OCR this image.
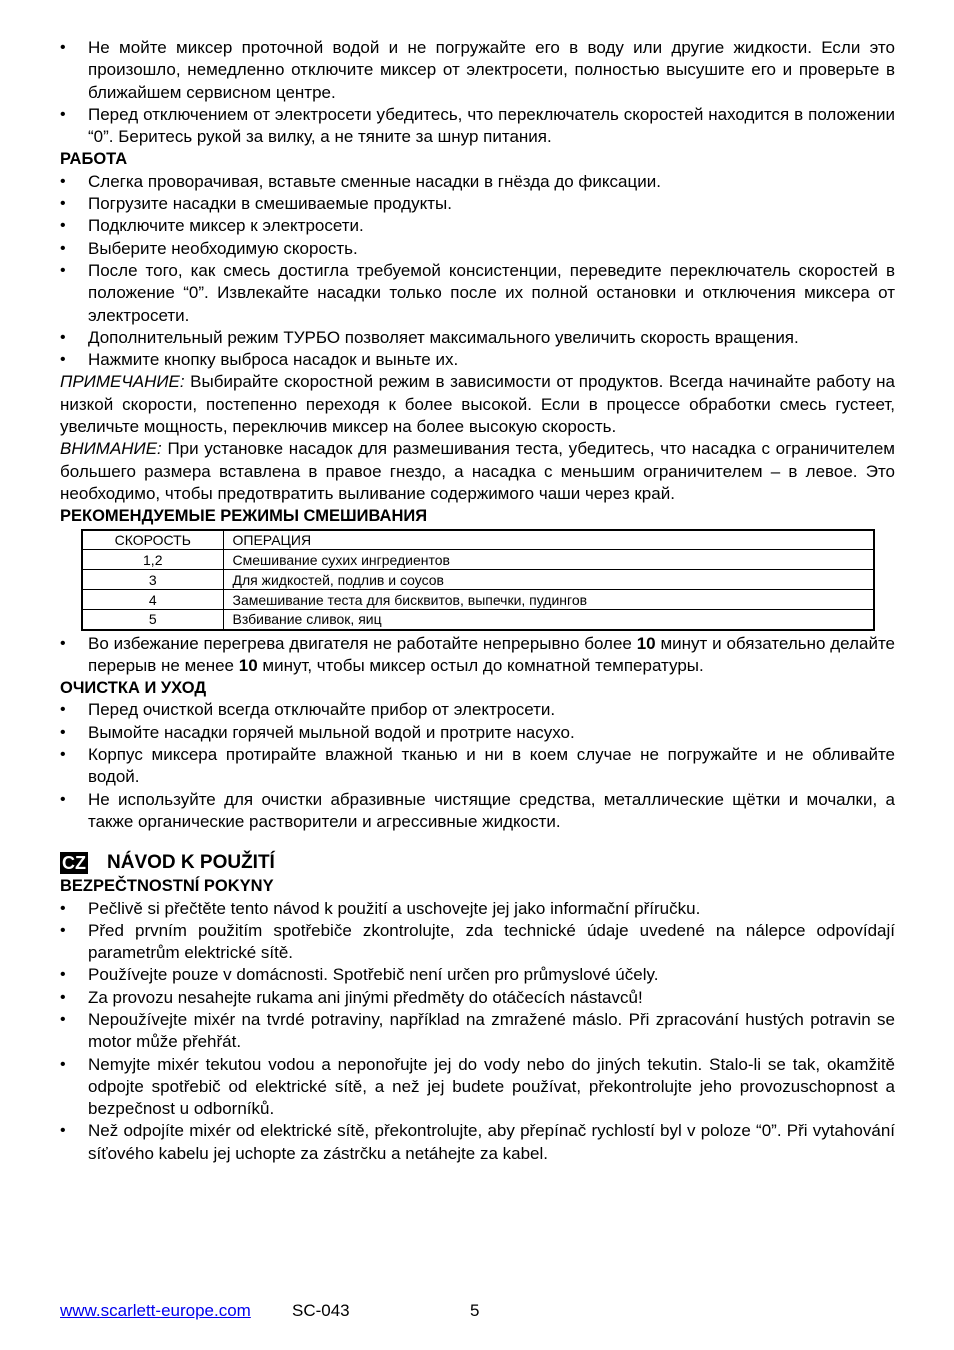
• Не мойте миксер проточной водой и не погружайте его в воду или другие жидкости. Если это произошло, немедленно отключите миксер от электросети, полностью высушите его и проверьте в ближайшем сервисном центре.
• Перед отключением от электросети убедитесь, что переключатель скоростей находится в положении “0”. Беритесь рукой за вилку, а не тяните за шнур питания.
РАБОТА
• Слегка проворачивая, вставьте сменные насадки в гнёзда до фиксации.
• Погрузите насадки в смешиваемые продукты.
• Подключите миксер к электросети.
• Выберите необходимую скорость.
• После того, как смесь достигла требуемой консистенции, переведите переключатель скоростей в положение “0”. Извлекайте насадки только после их полной остановки и отключения миксера от электросети.
• Дополнительный режим ТУРБО позволяет максимального увеличить скорость вращения.
• Нажмите кнопку выброса насадок и выньте их.

ПРИМЕЧАНИЕ: Выбирайте скоростной режим в зависимости от продуктов. Всегда начинайте работу на низкой скорости, постепенно переходя к более высокой. Если в процессе обработки смесь густеет, увеличьте мощность, переключив миксер на более высокую скорость.

ВНИМАНИЕ: При установке насадок для размешивания теста, убедитесь, что насадка с ограничителем большего размера вставлена в правое гнездо, а насадка с меньшим ограничителем – в левое. Это необходимо, чтобы предотвратить выливание содержимого чаши через край.

РЕКОМЕНДУЕМЫЕ РЕЖИМЫ СМЕШИВАНИЯ
СКОРОСТЬ	ОПЕРАЦИЯ
1,2	Смешивание сухих ингредиентов
3	Для жидкостей, подлив и соусов
4	Замешивание теста для бисквитов, выпечки, пудингов
5	Взбивание сливок, яиц
• Во избежание перегрева двигателя не работайте непрерывно более 10 минут и обязательно делайте перерыв не менее 10 минут, чтобы миксер остыл до комнатной температуры.
ОЧИСТКА И УХОД
• Перед очисткой всегда отключайте прибор от электросети.
• Вымойте насадки горячей мыльной водой и протрите насухо.
• Корпус миксера протирайте влажной тканью и ни в коем случае не погружайте и не обливайте водой.
• Не используйте для очистки абразивные чистящие средства, металлические щётки и мочалки, а также органические растворители и агрессивные жидкости.
CZ NÁVOD K POUŽITÍ
BEZPEČTNOSTNÍ POKYNY
• Pečlivě si přečtěte tento návod k použití a uschovejte jej jako informační příručku.
• Před prvním použitím spotřebiče zkontrolujte, zda technické údaje uvedené na nálepce odpovídají parametrům elektrické sítě.
• Používejte pouze v domácnosti. Spotřebič není určen pro průmyslové účely.
• Za provozu nesahejte rukama ani jinými předměty do otáčecích nástavců!
• Nepoužívejte mixér na tvrdé potraviny, například na zmražené máslo. Při zpracování hustých potravin se motor může přehřát.
• Nemyjte mixér tekutou vodou a neponořujte jej do vody nebo do jiných tekutin. Stalo-li se tak, okamžitě odpojte spotřebič od elektrické sítě, a než jej budete používat, překontrolujte jeho provozuschopnost a bezpečnost u odborníků.
• Než odpojíte mixér od elektrické sítě, překontrolujte, aby přepínač rychlostí byl v poloze “0”. Při vytahování síťového kabelu jej uchopte za zástrčku a netáhejte za kabel.
www.scarlett-europe.com SC-043	5
